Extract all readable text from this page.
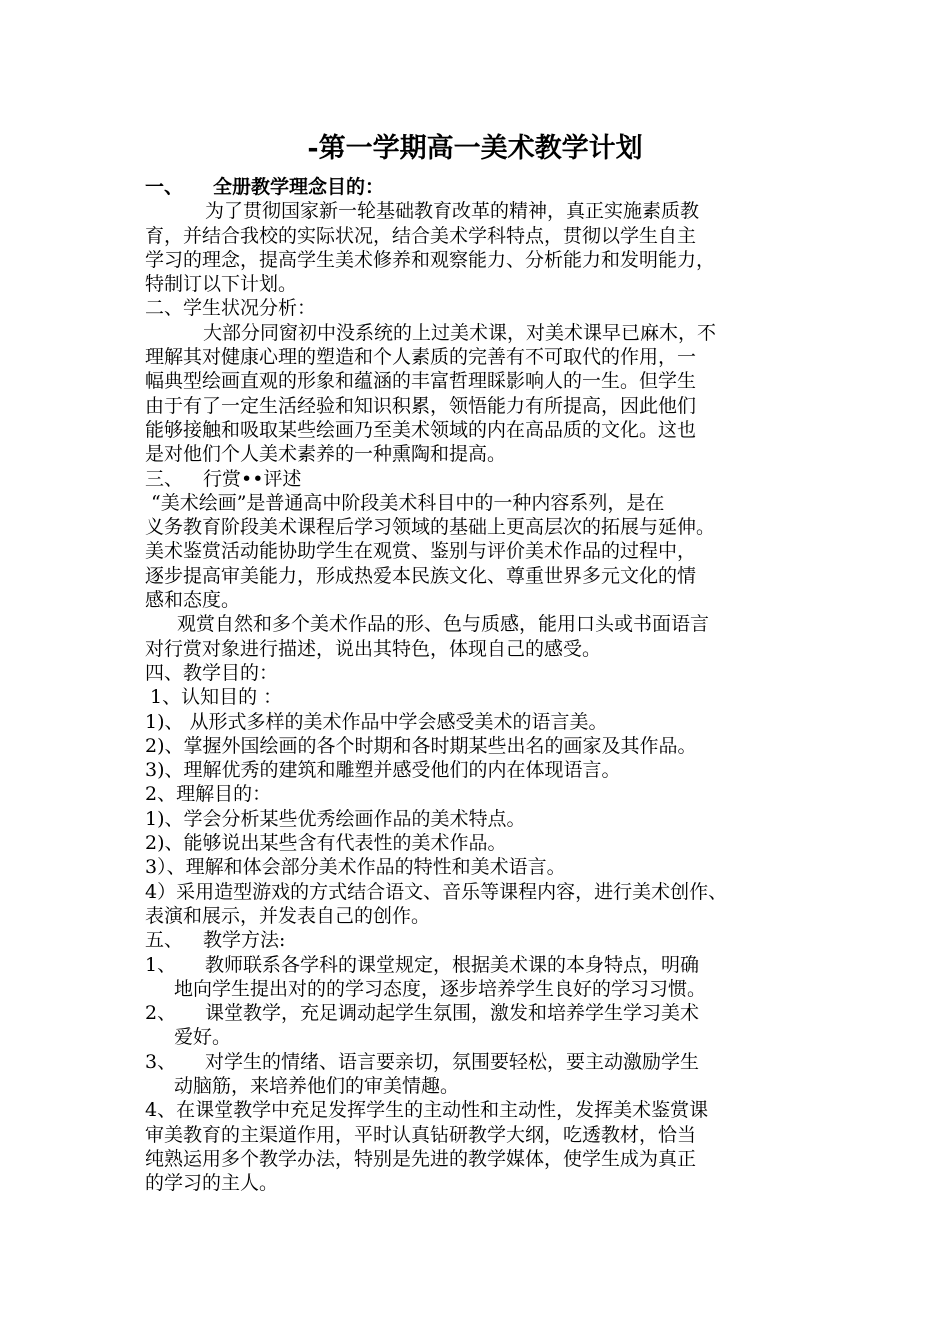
-第一学期高一美术教学计划
一、 全册教学理念目的：
为了贯彻国家新一轮基础教育改革的精神，真正实施素质教
育，并结合我校的实际状况，结合美术学科特点，贯彻以学生自主
学习的理念，提高学生美术修养和观察能力、分析能力和发明能力，
特制订以下计划。
二、学生状况分析：
大部分同窗初中没系统的上过美术课，对美术课早已麻木，不
理解其对健康心理的塑造和个人素质的完善有不可取代的作用，一
幅典型绘画直观的形象和蕴涵的丰富哲理睬影响人的一生。但学生
由于有了一定生活经验和知识积累，领悟能力有所提高，因此他们
能够接触和吸取某些绘画乃至美术领域的内在高品质的文化。这也
是对他们个人美术素养的一种熏陶和提高。
三、 行赏••评述
“美术绘画”是普通高中阶段美术科目中的一种内容系列，是在
义务教育阶段美术课程后学习领域的基础上更高层次的拓展与延伸。
美术鉴赏活动能协助学生在观赏、鉴别与评价美术作品的过程中，
逐步提高审美能力，形成热爱本民族文化、尊重世界多元文化的情
感和态度。
观赏自然和多个美术作品的形、色与质感，能用口头或书面语言
对行赏对象进行描述，说出其特色，体现自己的感受。
四、教学目的：
1、认知目的 ：
1)、 从形式多样的美术作品中学会感受美术的语言美。
2)、掌握外国绘画的各个时期和各时期某些出名的画家及其作品。
3)、理解优秀的建筑和雕塑并感受他们的内在体现语言。
2、理解目的：
1)、学会分析某些优秀绘画作品的美术特点。
2)、能够说出某些含有代表性的美术作品。
3）、理解和体会部分美术作品的特性和美术语言。
4）采用造型游戏的方式结合语文、音乐等课程内容，进行美术创作、
表演和展示，并发表自己的创作。
五、 教学方法:
1、 教师联系各学科的课堂规定，根据美术课的本身特点，明确
地向学生提出对的的学习态度，逐步培养学生良好的学习习惯。
2、 课堂教学，充足调动起学生氛围，激发和培养学生学习美术
爱好。
3、 对学生的情绪、语言要亲切，氛围要轻松，要主动激励学生
动脑筋，来培养他们的审美情趣。
4、在课堂教学中充足发挥学生的主动性和主动性，发挥美术鉴赏课
审美教育的主渠道作用，平时认真钻研教学大纲，吃透教材，恰当
纯熟运用多个教学办法，特别是先进的教学媒体，使学生成为真正
的学习的主人。
